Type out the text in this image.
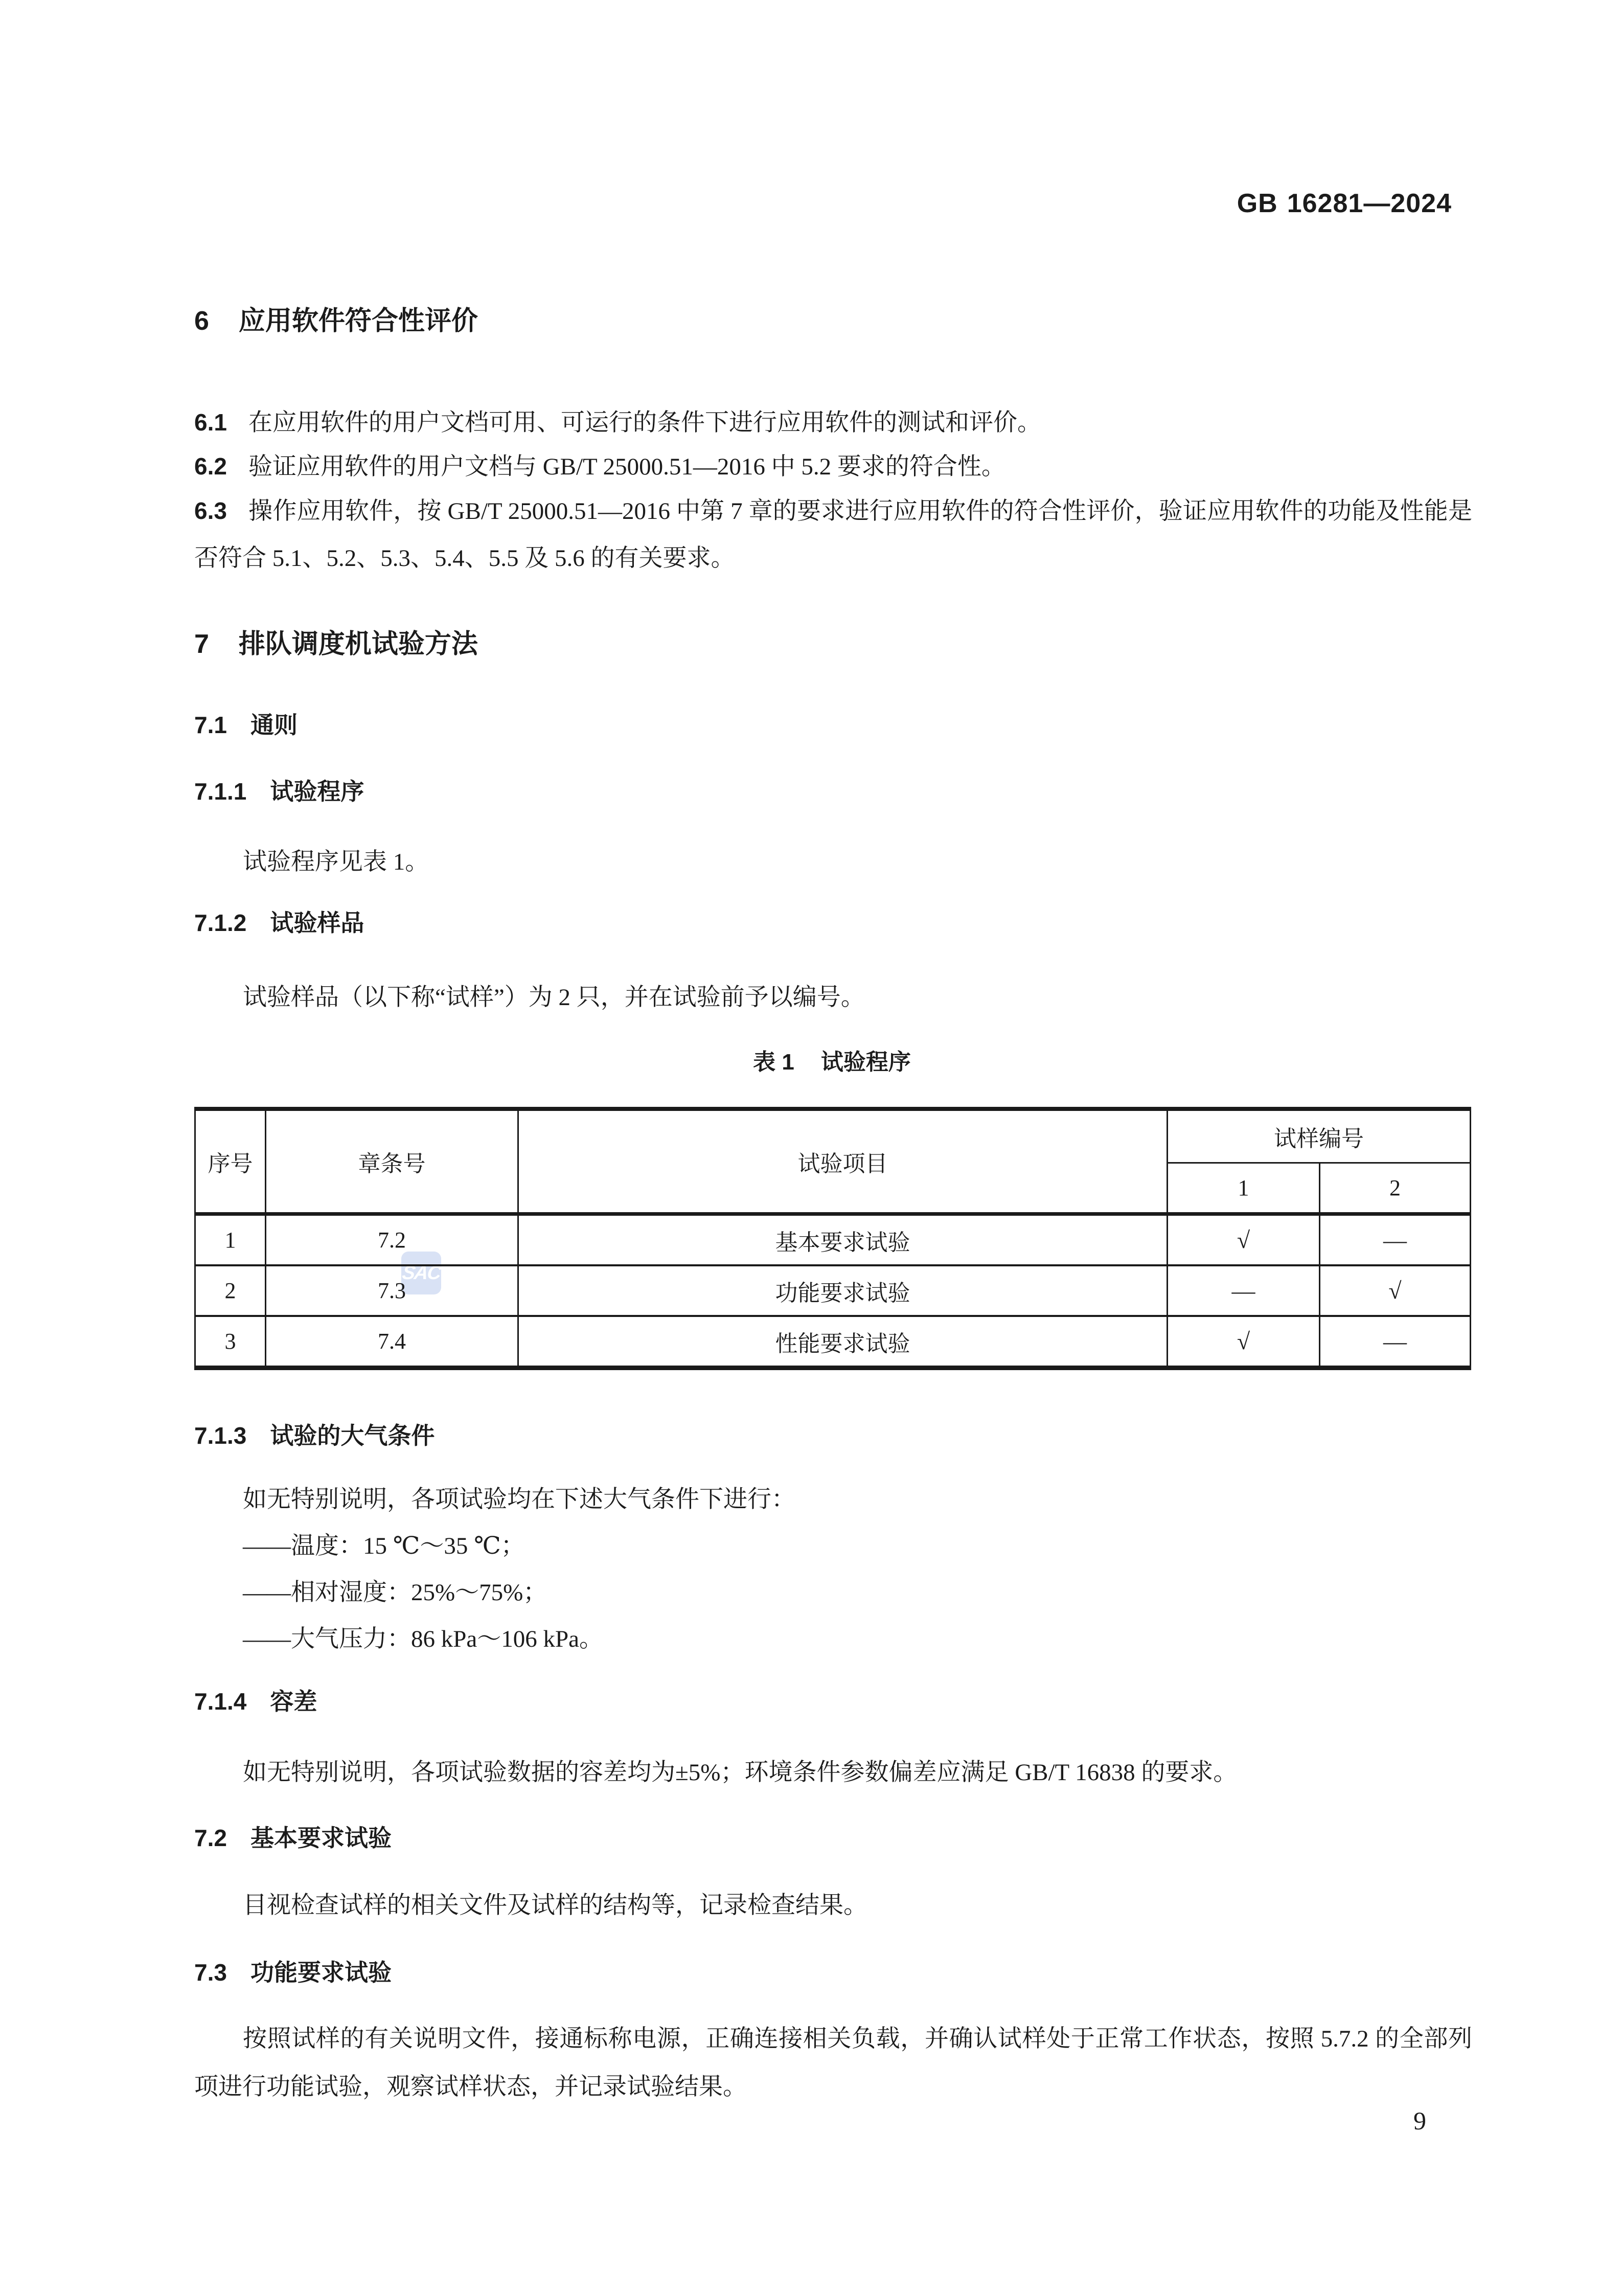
GB 16281—2024
6 应用软件符合性评价

6.1 在应用软件的用户文档可用、可运行的条件下进行应用软件的测试和评价。

6.2 验证应用软件的用户文档与 GB/T 25000.51—2016 中 5.2 要求的符合性。

6.3 操作应用软件，按 GB/T 25000.51—2016 中第 7 章的要求进行应用软件的符合性评价，验证应用软件的功能及性能是否符合 5.1、5.2、5.3、5.4、5.5 及 5.6 的有关要求。

7 排队调度机试验方法
7.1 通则
7.1.1 试验程序

试验程序见表 1。

7.1.2 试验样品

试验样品（以下称“试样”）为 2 只，并在试验前予以编号。

表 1 试验程序
SAC
序号	章条号	试验项目	试样编号	
			1	2
1	7.2	基本要求试验	√	—
2	7.3	功能要求试验	—	√
3	7.4	性能要求试验	√	—
7.1.3 试验的大气条件
如无特别说明，各项试验均在下述大气条件下进行：
——温度：15 ℃～35 ℃；
——相对湿度：25%～75%；
——大气压力：86 kPa～106 kPa。
7.1.4 容差

如无特别说明，各项试验数据的容差均为±5%；环境条件参数偏差应满足 GB/T 16838 的要求。

7.2 基本要求试验

目视检查试样的相关文件及试样的结构等，记录检查结果。

7.3 功能要求试验

按照试样的有关说明文件，接通标称电源，正确连接相关负载，并确认试样处于正常工作状态，按照 5.7.2 的全部列项进行功能试验，观察试样状态，并记录试验结果。

9
